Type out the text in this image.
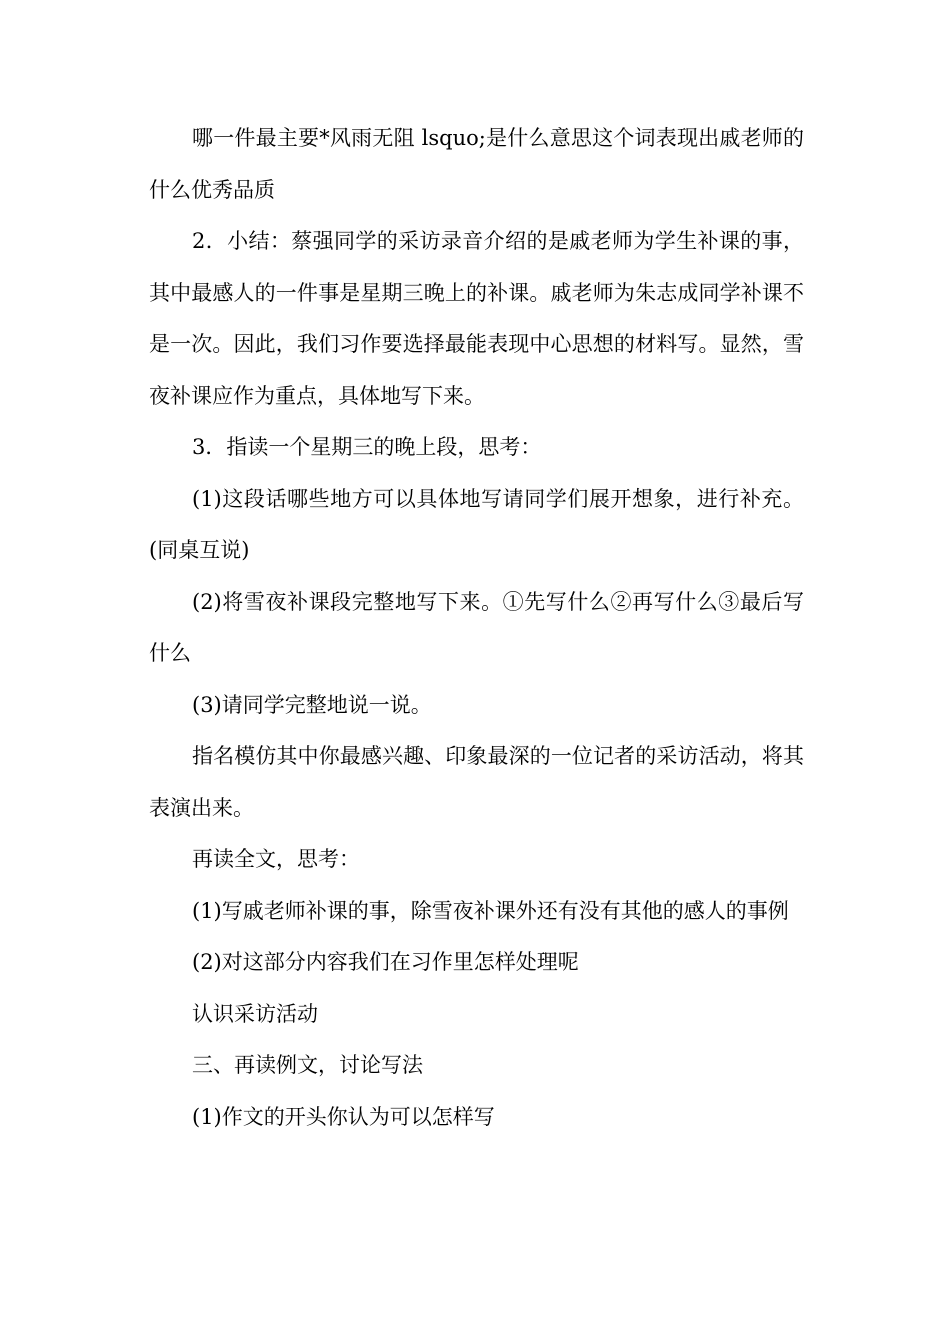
哪一件最主要*风雨无阻 lsquo;是什么意思这个词表现出戚老师的什么优秀品质

2．小结：蔡强同学的采访录音介绍的是戚老师为学生补课的事，其中最感人的一件事是星期三晚上的补课。戚老师为朱志成同学补课不是一次。因此，我们习作要选择最能表现中心思想的材料写。显然，雪夜补课应作为重点，具体地写下来。

3．指读一个星期三的晚上段，思考：

(1)这段话哪些地方可以具体地写请同学们展开想象，进行补充。(同桌互说)

(2)将雪夜补课段完整地写下来。①先写什么②再写什么③最后写什么

(3)请同学完整地说一说。

指名模仿其中你最感兴趣、印象最深的一位记者的采访活动，将其表演出来。

再读全文，思考：

(1)写戚老师补课的事，除雪夜补课外还有没有其他的感人的事例

(2)对这部分内容我们在习作里怎样处理呢

认识采访活动

三、再读例文，讨论写法

(1)作文的开头你认为可以怎样写
